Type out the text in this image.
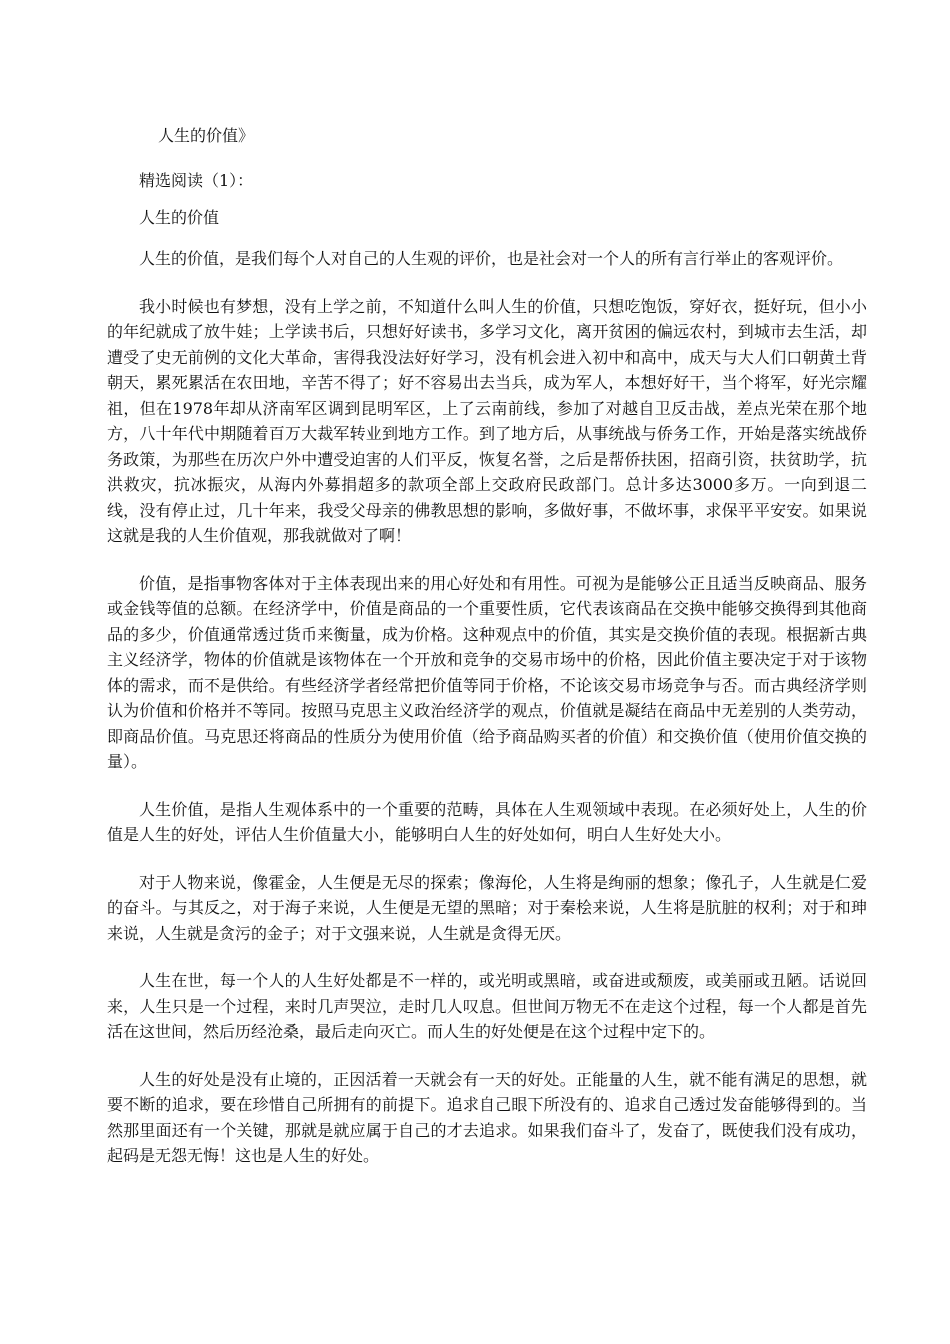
人生的价值》

精选阅读（1）：

人生的价值

人生的价值，是我们每个人对自己的人生观的评价，也是社会对一个人的所有言行举止的客观评价。

我小时候也有梦想，没有上学之前，不知道什么叫人生的价值，只想吃饱饭，穿好衣，挺好玩，但小小的年纪就成了放牛娃；上学读书后，只想好好读书，多学习文化，离开贫困的偏远农村，到城市去生活，却遭受了史无前例的文化大革命，害得我没法好好学习，没有机会进入初中和高中，成天与大人们口朝黄土背朝天，累死累活在农田地，辛苦不得了；好不容易出去当兵，成为军人，本想好好干，当个将军，好光宗耀祖，但在1978年却从济南军区调到昆明军区，上了云南前线，参加了对越自卫反击战，差点光荣在那个地方，八十年代中期随着百万大裁军转业到地方工作。到了地方后，从事统战与侨务工作，开始是落实统战侨务政策，为那些在历次户外中遭受迫害的人们平反，恢复名誉，之后是帮侨扶困，招商引资，扶贫助学，抗洪救灾，抗冰振灾，从海内外募捐超多的款项全部上交政府民政部门。总计多达3000多万。一向到退二线，没有停止过，几十年来，我受父母亲的佛教思想的影响，多做好事，不做坏事，求保平平安安。如果说这就是我的人生价值观，那我就做对了啊！

价值，是指事物客体对于主体表现出来的用心好处和有用性。可视为是能够公正且适当反映商品、服务或金钱等值的总额。在经济学中，价值是商品的一个重要性质，它代表该商品在交换中能够交换得到其他商品的多少，价值通常透过货币来衡量，成为价格。这种观点中的价值，其实是交换价值的表现。根据新古典主义经济学，物体的价值就是该物体在一个开放和竞争的交易市场中的价格，因此价值主要决定于对于该物体的需求，而不是供给。有些经济学者经常把价值等同于价格，不论该交易市场竞争与否。而古典经济学则认为价值和价格并不等同。按照马克思主义政治经济学的观点，价值就是凝结在商品中无差别的人类劳动，即商品价值。马克思还将商品的性质分为使用价值（给予商品购买者的价值）和交换价值（使用价值交换的量）。

人生价值，是指人生观体系中的一个重要的范畴，具体在人生观领域中表现。在必须好处上，人生的价值是人生的好处，评估人生价值量大小，能够明白人生的好处如何，明白人生好处大小。

对于人物来说，像霍金，人生便是无尽的探索；像海伦，人生将是绚丽的想象；像孔子，人生就是仁爱的奋斗。与其反之，对于海子来说，人生便是无望的黑暗；对于秦桧来说，人生将是肮脏的权利；对于和珅来说，人生就是贪污的金子；对于文强来说，人生就是贪得无厌。

人生在世，每一个人的人生好处都是不一样的，或光明或黑暗，或奋进或颓废，或美丽或丑陋。话说回来，人生只是一个过程，来时几声哭泣，走时几人叹息。但世间万物无不在走这个过程，每一个人都是首先活在这世间，然后历经沧桑，最后走向灭亡。而人生的好处便是在这个过程中定下的。

人生的好处是没有止境的，正因活着一天就会有一天的好处。正能量的人生，就不能有满足的思想，就要不断的追求，要在珍惜自己所拥有的前提下。追求自己眼下所没有的、追求自己透过发奋能够得到的。当然那里面还有一个关键，那就是就应属于自己的才去追求。如果我们奋斗了，发奋了，既使我们没有成功，起码是无怨无悔！这也是人生的好处。
